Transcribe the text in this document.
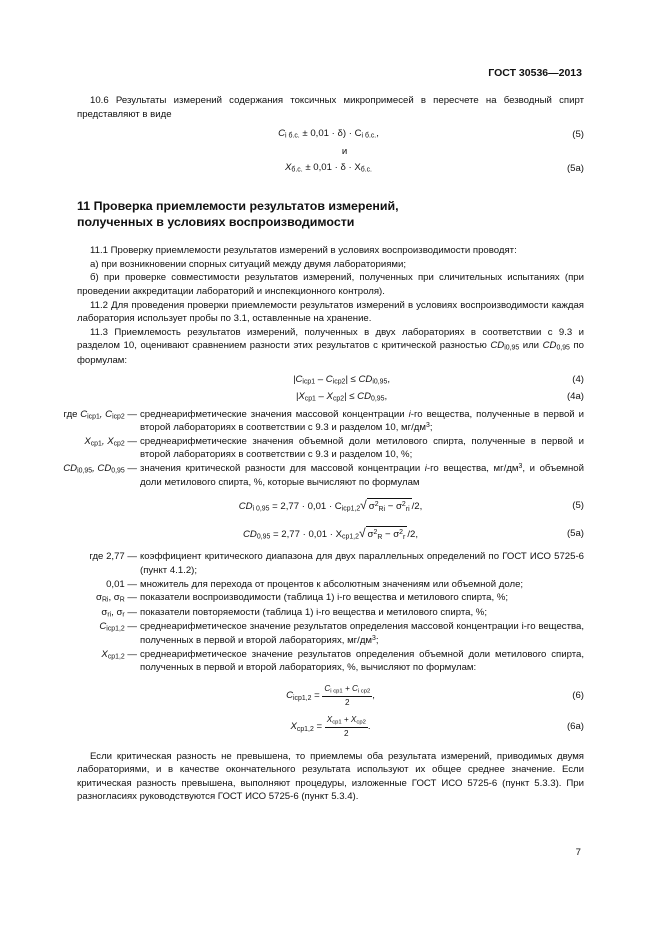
ГОСТ 30536—2013

10.6 Результаты измерений содержания токсичных микропримесей в пересчете на безводный спирт представляют в виде

$C_{i б.с.} \pm 0,01 \cdot \delta) \cdot C_{i б.с.}$,	(5)

и

$X_{б.с.} \pm 0,01 \cdot \delta \cdot X_{б.с.}$	(5a)

11 Проверка приемлемости результатов измерений,

полученных в условиях воспроизводимости

11.1 Проверку приемлемости результатов измерений в условиях воспроизводимости проводят:

а) при возникновении спорных ситуаций между двумя лабораториями;

б) при проверке совместимости результатов измерений, полученных при сличительных испытаниях (при проведении аккредитации лабораторий и инспекционного контроля).

11.2 Для проведения проверки приемлемости результатов измерений в условиях воспроизводимости каждая лаборатория использует пробы по 3.1, оставленные на хранение.

11.3 Приемлемость результатов измерений, полученных в двух лабораториях в соответствии с 9.3 и разделом 10, оценивают сравнением разности этих результатов с критической разностью $CD_{i0,95}$ или $CD_{0,95}$ по формулам:

$|C_{icp1} - C_{icp2}| \le CD_{i0,95}$,	(4)
$|X_{cp1} - X_{cp2}| \le CD_{0,95}$,	(4a)
где $C_{icp1}$, $C_{icp2}$ — среднеарифметические значения массовой концентрации i-го вещества, полученные в первой и второй лабораториях в соответствии с 9.3 и разделом 10, $мг/дм^3$;
$X_{cp1}$, $X_{cp2}$ — среднеарифметические значения объемной доли метилового спирта, полученные в первой и второй лабораториях в соответствии с 9.3 и разделом 10, %;
$CD_{i0,95}$, $CD_{0,95}$ — значения критической разности для массовой концентрации i-го вещества, $мг/дм^3$, и объемной доли метилового спирта, %, которые вычисляют по формулам
$CD_{i 0,95} = 2,77 \cdot 0,01 \cdot C_{icp1,2}√$ $\sigma^2_{Ri} - \sigma^2_{ri}$ /2,	(5)
$CD_{0,95} = 2,77 \cdot 0,01 \cdot X_{cp1,2}√$ $\sigma^2_R - \sigma^2_r$ /2,	(5a)
где 2,77 — коэффициент критического диапазона для двух параллельных определений по ГОСТ ИСО 5725-6 (пункт 4.1.2);
0,01 — множитель для перехода от процентов к абсолютным значениям или объемной доле;
$\sigma_{Ri}$, $\sigma_R$ — показатели воспроизводимости (таблица 1) i-го вещества и метилового спирта, %;
$\sigma_{ri}$, $\sigma_r$ — показатели повторяемости (таблица 1) i-го вещества и метилового спирта, %;
$C_{icp1,2}$ — среднеарифметическое значение результатов определения массовой концентрации i-го вещества, полученных в первой и второй лабораториях, $мг/дм^3$;
$X_{cp1,2}$ — среднеарифметическое значение результатов определения объемной доли метилового спирта, полученных в первой и второй лабораториях, %, вычисляют по формулам:
$C_{icp1,2} = \frac{C_{i cp1} + C_{i cp2}}{2}$ ,	(6)
$X_{cp1,2} = \frac{X_{cp1} + X_{cp2}}{2}$ .	(6a)

Если критическая разность не превышена, то приемлемы оба результата измерений, приводимых двумя лабораториями, и в качестве окончательного результата используют их общее среднее значение. Если критическая разность превышена, выполняют процедуры, изложенные ГОСТ ИСО 5725-6 (пункт 5.3.3). При разногласиях руководствуются ГОСТ ИСО 5725-6 (пункт 5.3.4).

7
